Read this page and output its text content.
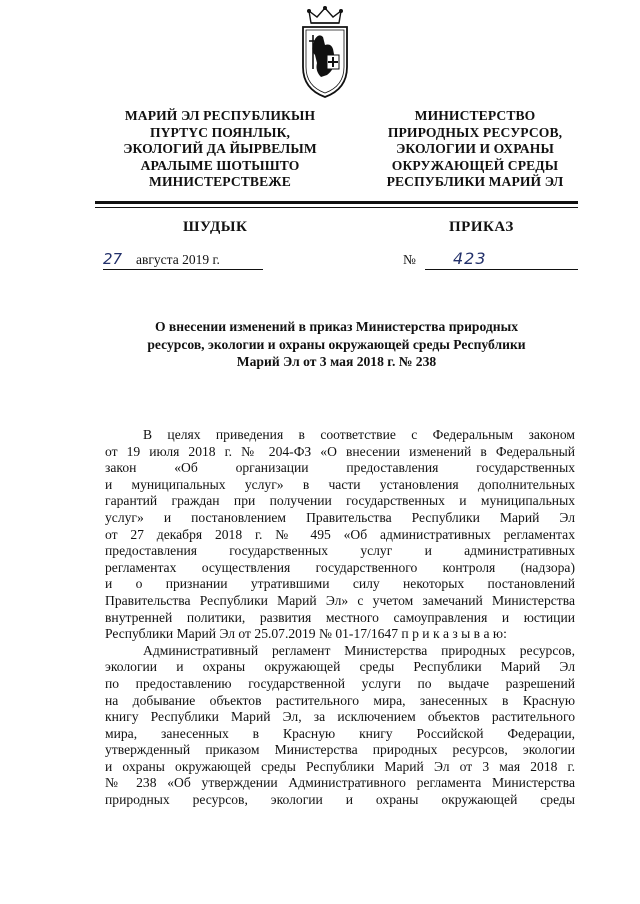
МАРИЙ ЭЛ РЕСПУБЛИКЫН
ПҮРТҮС ПОЯНЛЫК,
ЭКОЛОГИЙ ДА ЙЫРВЕЛЫМ
АРАЛЫМЕ ШОТЫШТО
МИНИСТЕРСТВЕЖЕ
МИНИСТЕРСТВО
ПРИРОДНЫХ РЕСУРСОВ,
ЭКОЛОГИИ И ОХРАНЫ
ОКРУЖАЮЩЕЙ СРЕДЫ
РЕСПУБЛИКИ МАРИЙ ЭЛ
ШУДЫК	ПРИКАЗ
27 августа 2019 г.	№ 423
О внесении изменений в приказ Министерства природных
ресурсов, экологии и охраны окружающей среды Республики
Марий Эл от 3 мая 2018 г. № 238
В целях приведения в соответствие с Федеральным законом
от 19 июля 2018 г. № 204-ФЗ «О внесении изменений в Федеральный
закон «Об организации предоставления государственных
и муниципальных услуг» в части установления дополнительных
гарантий граждан при получении государственных и муниципальных
услуг» и постановлением Правительства Республики Марий Эл
от 27 декабря 2018 г. № 495 «Об административных регламентах
предоставления государственных услуг и административных
регламентах осуществления государственного контроля (надзора)
и о признании утратившими силу некоторых постановлений
Правительства Республики Марий Эл» с учетом замечаний Министерства
внутренней политики, развития местного самоуправления и юстиции
Республики Марий Эл от 25.07.2019 № 01-17/1647 п р и к а з ы в а ю:
Административный регламент Министерства природных ресурсов,
экологии и охраны окружающей среды Республики Марий Эл
по предоставлению государственной услуги по выдаче разрешений
на добывание объектов растительного мира, занесенных в Красную
книгу Республики Марий Эл, за исключением объектов растительного
мира, занесенных в Красную книгу Российской Федерации,
утвержденный приказом Министерства природных ресурсов, экологии
и охраны окружающей среды Республики Марий Эл от 3 мая 2018 г.
№ 238 «Об утверждении Административного регламента Министерства
природных ресурсов, экологии и охраны окружающей среды
